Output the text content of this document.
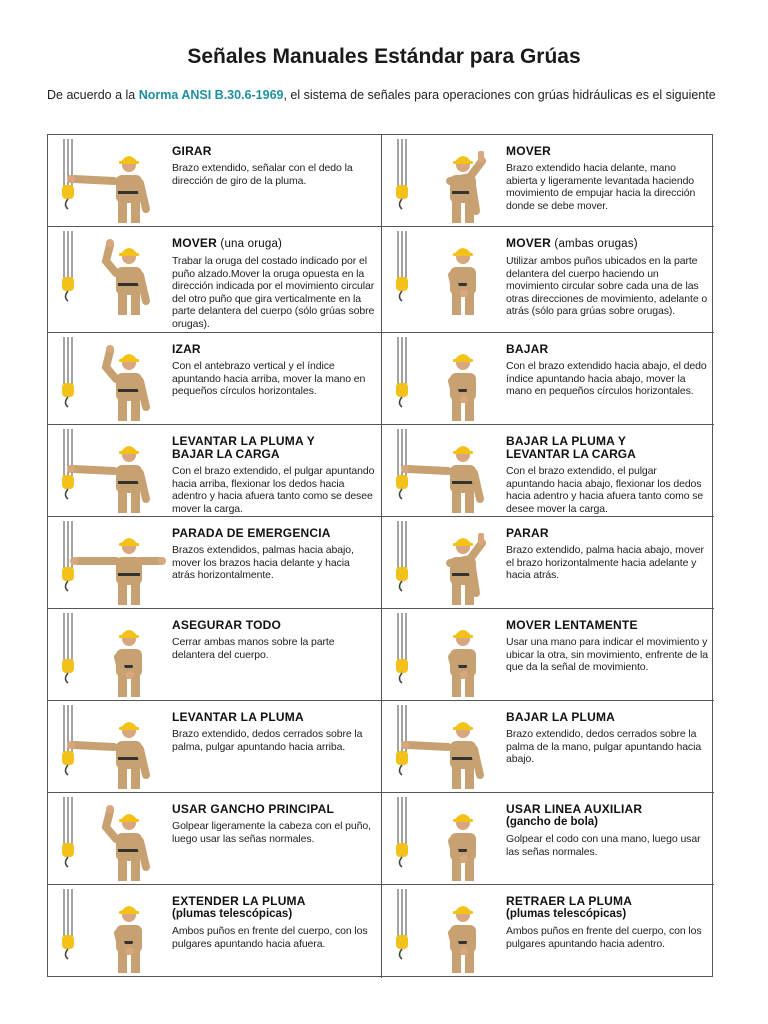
Señales Manuales Estándar para Grúas

De acuerdo a la Norma ANSI B.30.6-1969, el sistema de señales para operaciones con grúas hidráulicas es el siguiente

GIRAR
Brazo extendido, señalar con el dedo la dirección de giro de la pluma.
MOVER
Brazo extendido hacia delante, mano abierta y ligeramente levantada haciendo movimiento de empujar hacia la dirección donde se debe mover.
MOVER (una oruga)
Trabar la oruga del costado indicado por el puño alzado.Mover la oruga opuesta en la dirección indicada por el movimiento circular del otro puño que gira verticalmente en la parte delantera del cuerpo (sólo grúas sobre orugas).
MOVER (ambas orugas)
Utilizar ambos puños ubicados en la parte delantera del cuerpo haciendo un movimiento circular sobre cada una de las otras direcciones de movimiento, adelante o atrás (sólo para grúas sobre orugas).
IZAR
Con el antebrazo vertical y el índice apuntando hacia arriba, mover la mano en pequeños círculos horizontales.
BAJAR
Con el brazo extendido hacia abajo, el dedo índice apuntando hacia abajo, mover la mano en pequeños círculos horizontales.
LEVANTAR LA PLUMA Y
BAJAR LA CARGA
Con el brazo extendido, el pulgar apuntando hacia arriba, flexionar los dedos hacia adentro y hacia afuera tanto como se desee mover la carga.
BAJAR LA PLUMA Y
LEVANTAR LA CARGA
Con el brazo extendido, el pulgar apuntando hacia abajo, flexionar los dedos hacia adentro y hacia afuera tanto como se desee mover la carga.
PARADA DE EMERGENCIA
Brazos extendidos, palmas hacia abajo, mover los brazos hacia delante y hacia atrás horizontalmente.
PARAR
Brazo extendido, palma hacia abajo, mover el brazo horizontalmente hacia adelante y hacia atrás.
ASEGURAR TODO
Cerrar ambas manos sobre la parte delantera del cuerpo.
MOVER LENTAMENTE
Usar una mano para indicar el movimiento y ubicar la otra, sin movimiento, enfrente de la que da la señal de movimiento.
LEVANTAR LA PLUMA
Brazo extendido, dedos cerrados sobre la palma, pulgar apuntando hacia arriba.
BAJAR LA PLUMA
Brazo extendido, dedos cerrados sobre la palma de la mano, pulgar apuntando hacia abajo.
USAR GANCHO PRINCIPAL
Golpear ligeramente la cabeza con el puño, luego usar las señas normales.
USAR LINEA AUXILIAR
(gancho de bola)
Golpear el codo con una mano, luego usar las señas normales.
EXTENDER LA PLUMA
(plumas telescópicas)
Ambos puños en frente del cuerpo, con los pulgares apuntando hacia afuera.
RETRAER LA PLUMA
(plumas telescópicas)
Ambos puños en frente del cuerpo, con los pulgares apuntando hacia adentro.
